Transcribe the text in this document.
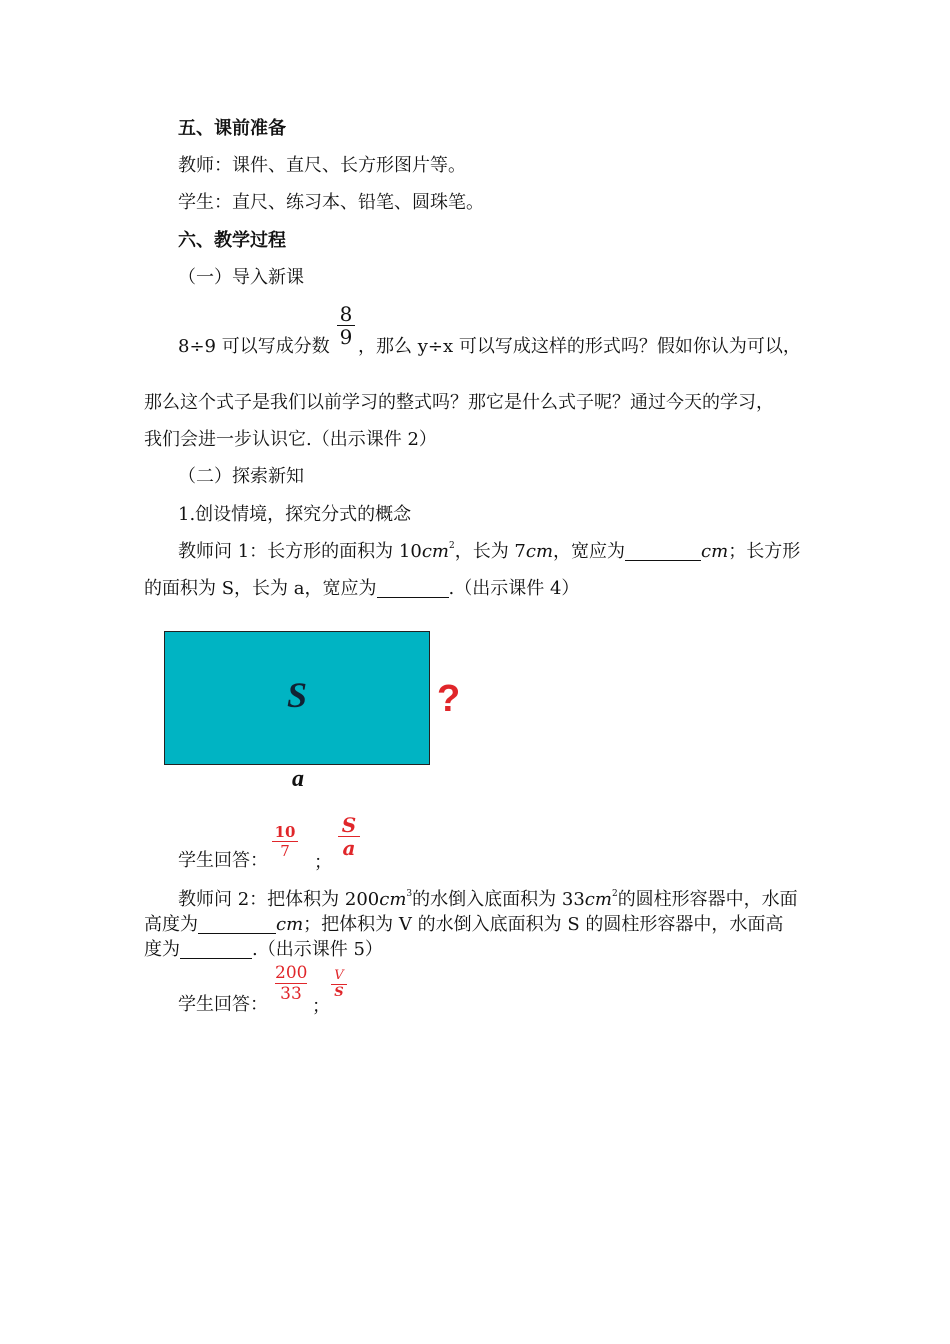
五、课前准备
教师：课件、直尺、长方形图片等。
学生：直尺、练习本、铅笔、圆珠笔。
六、教学过程
（一）导入新课
8÷9 可以写成分数
8
9 ，那么 y÷x 可以写成这样的形式吗？假如你认为可以，
那么这个式子是我们以前学习的整式吗？那它是什么式子呢？通过今天的学习，
我们会进一步认识它.（出示课件 2）
（二）探索新知
1.创设情境，探究分式的概念
教师问 1：长方形的面积为 $10cm^2$，长为 7cm，宽应为	cm；长方形
的面积为 S，长为 a，宽应为	.（出示课件 4）
S	?
a
学生回答：
10
7
；
S
a
教师问 2：把体积为 $200cm^3$的水倒入底面积为 $33cm^2$的圆柱形容器中，水面
高度为	cm；把体积为 V 的水倒入底面积为 S 的圆柱形容器中，水面高
度为	.（出示课件 5）
学生回答：
200
33
；
V
S
